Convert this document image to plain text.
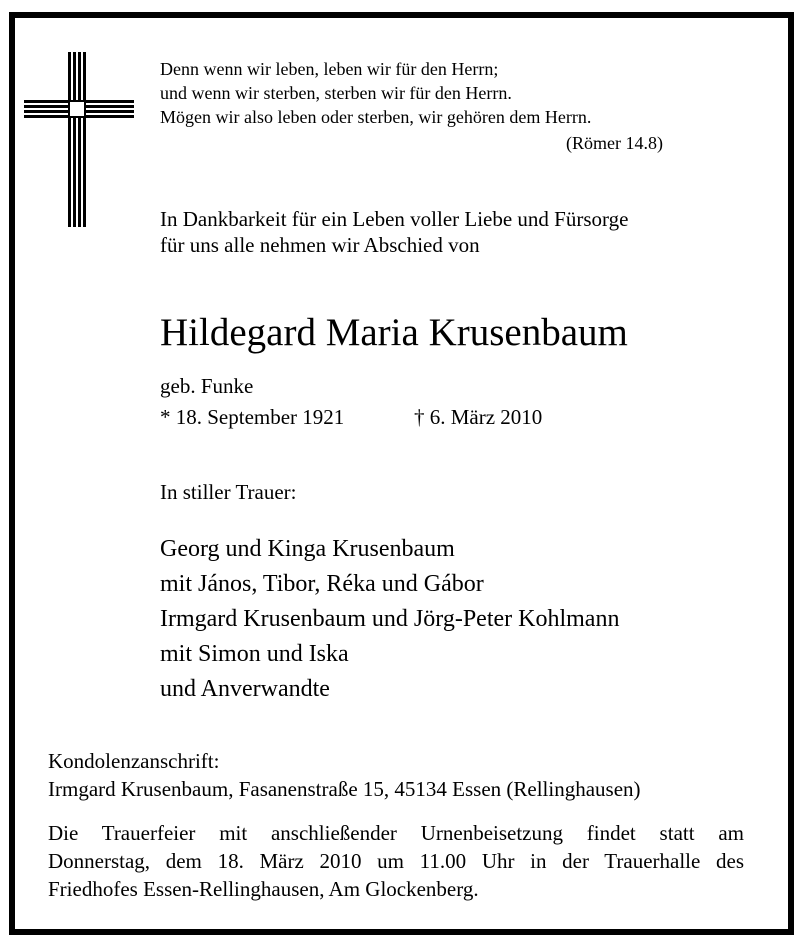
Denn wenn wir leben, leben wir für den Herrn;
und wenn wir sterben, sterben wir für den Herrn.
Mögen wir also leben oder sterben, wir gehören dem Herrn.
(Römer 14.8)
In Dankbarkeit für ein Leben voller Liebe und Fürsorge
für uns alle nehmen wir Abschied von
Hildegard Maria Krusenbaum
geb. Funke
* 18. September 1921	† 6. März 2010
In stiller Trauer:
Georg und Kinga Krusenbaum
mit János, Tibor, Réka und Gábor
Irmgard Krusenbaum und Jörg-Peter Kohlmann
mit Simon und Iska
und Anverwandte
Kondolenzanschrift:
Irmgard Krusenbaum, Fasanenstraße 15, 45134 Essen (Rellinghausen)
Die Trauerfeier mit anschließender Urnenbeisetzung findet statt am
Donnerstag, dem 18. März 2010 um 11.00 Uhr in der Trauerhalle des
Friedhofes Essen-Rellinghausen, Am Glockenberg.
